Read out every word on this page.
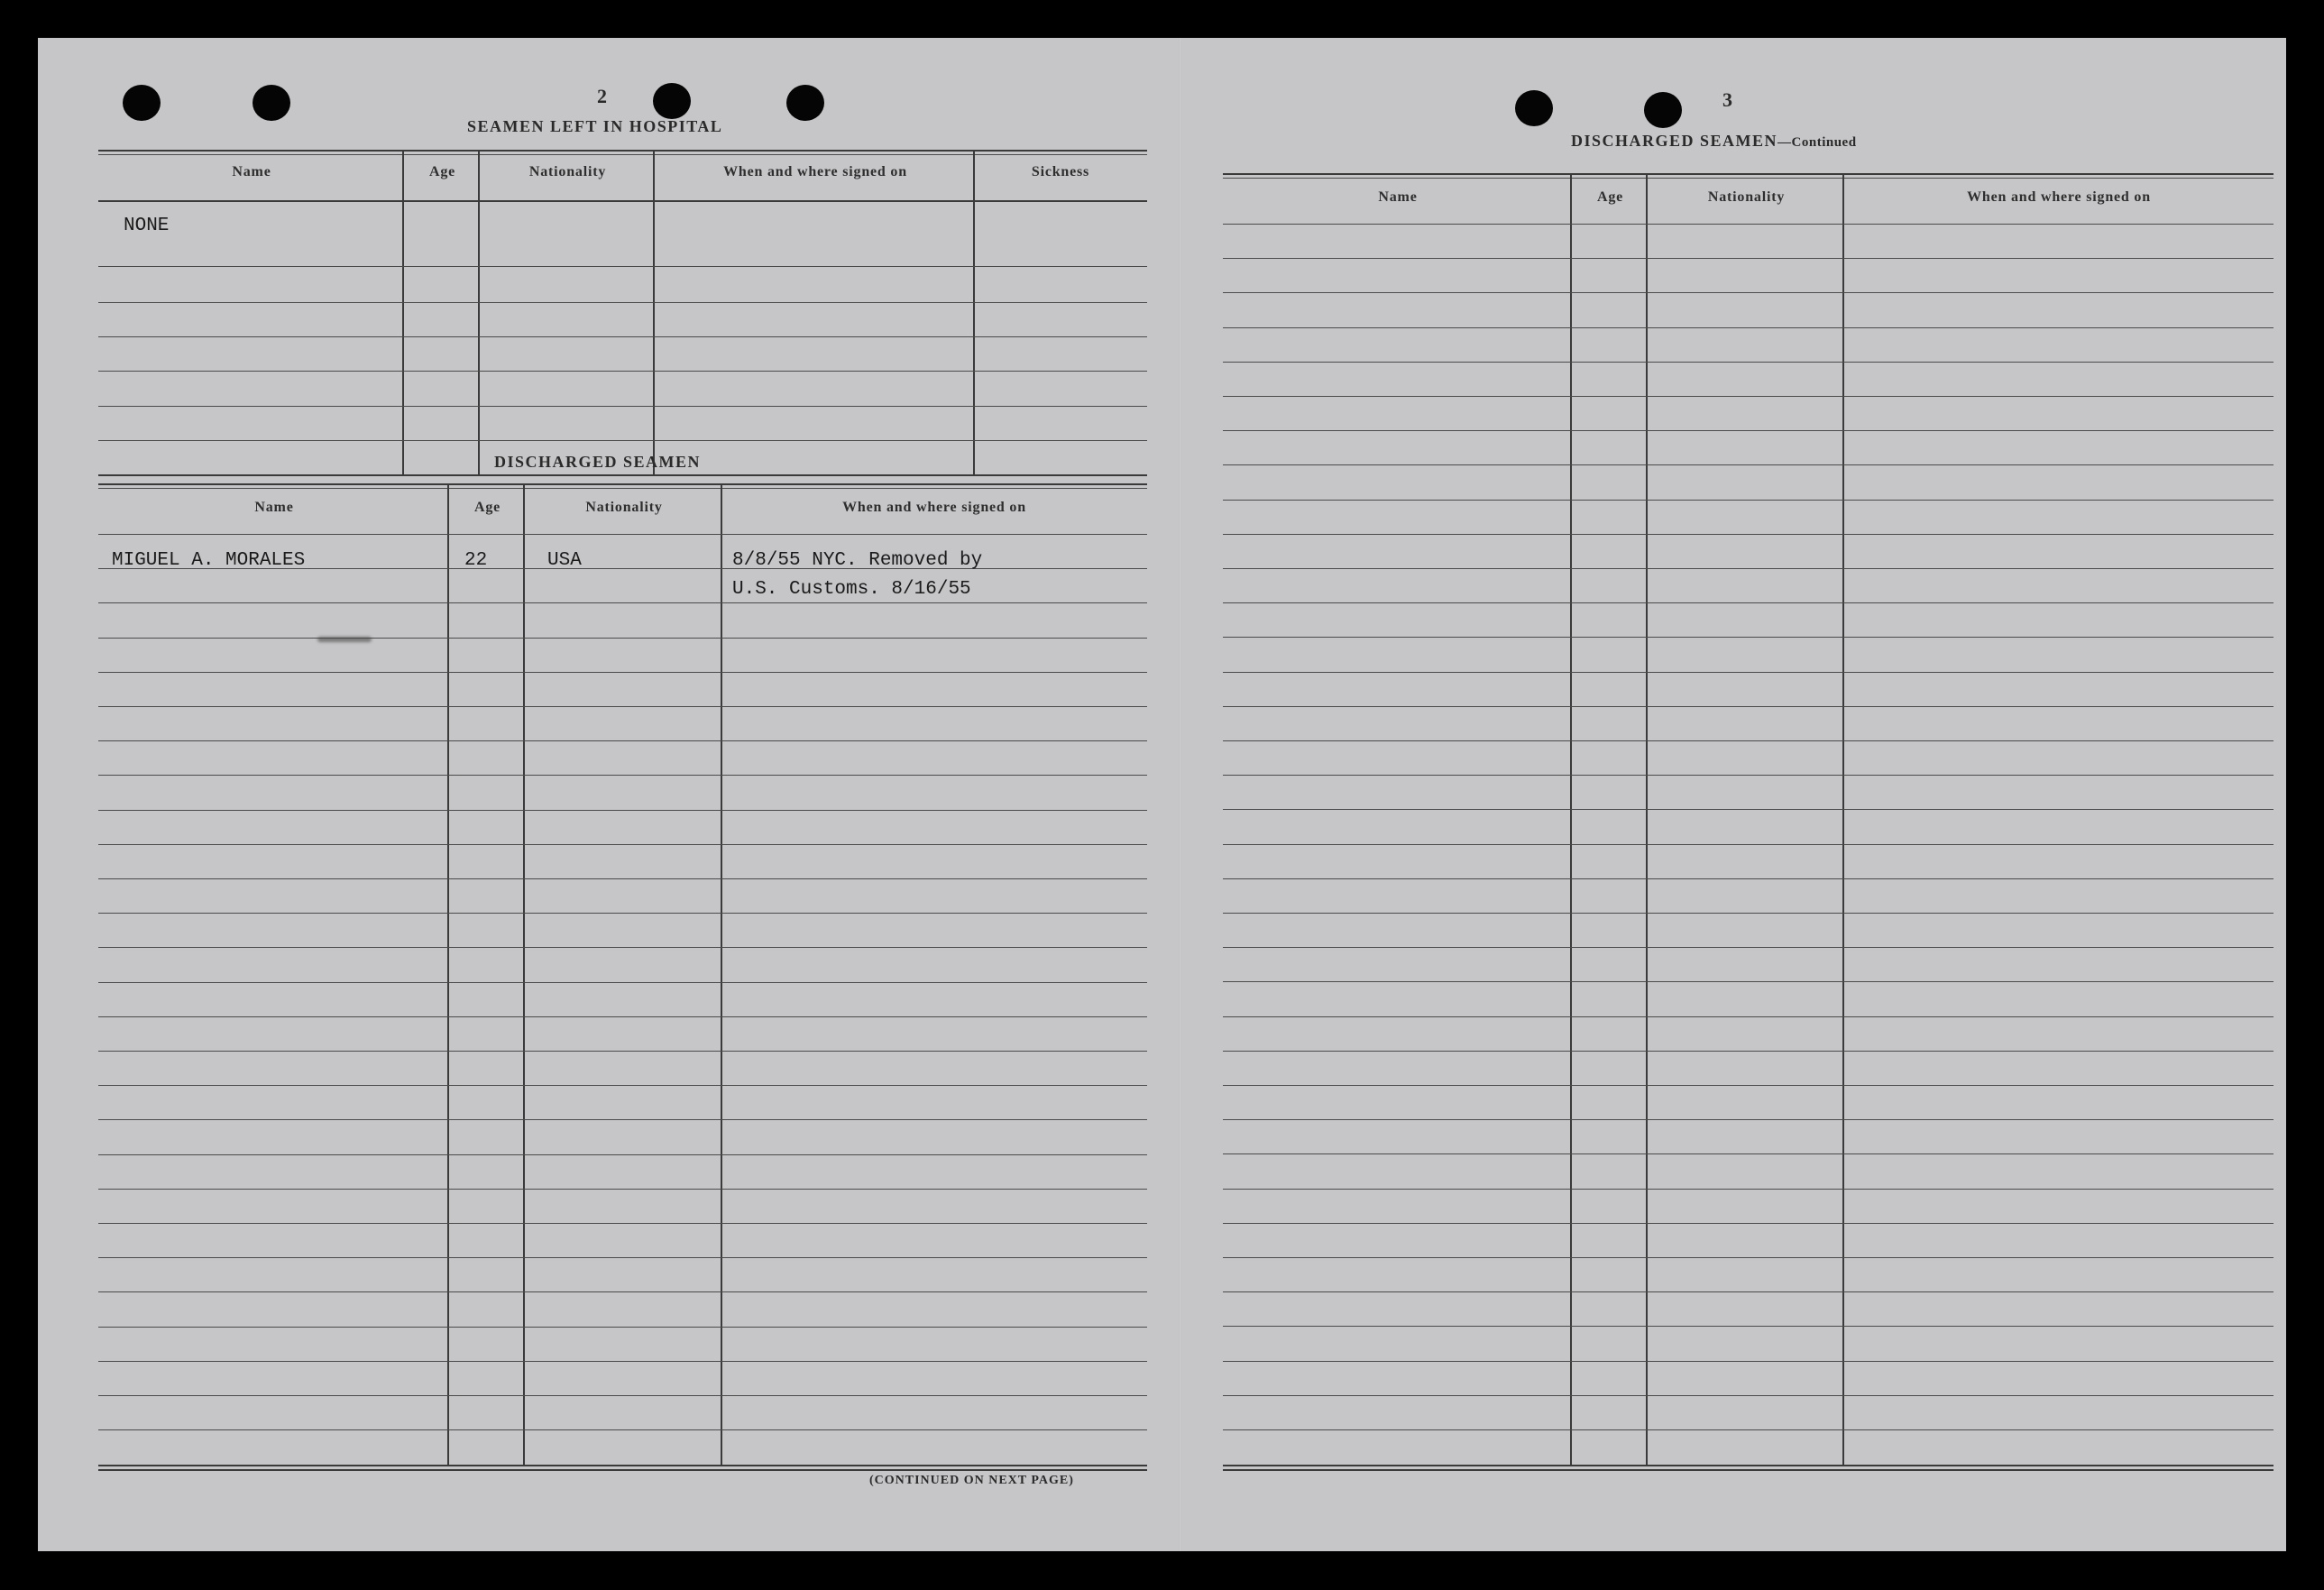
2
SEAMEN LEFT IN HOSPITAL
Name	Age	Nationality	When and where signed on	Sickness
NONE
DISCHARGED SEAMEN
Name	Age	Nationality	When and where signed on
MIGUEL A. MORALES	22	USA	8/8/55 NYC. Removed by
U.S. Customs. 8/16/55
(CONTINUED ON NEXT PAGE)
3
DISCHARGED SEAMEN—Continued
Name	Age	Nationality	When and where signed on
